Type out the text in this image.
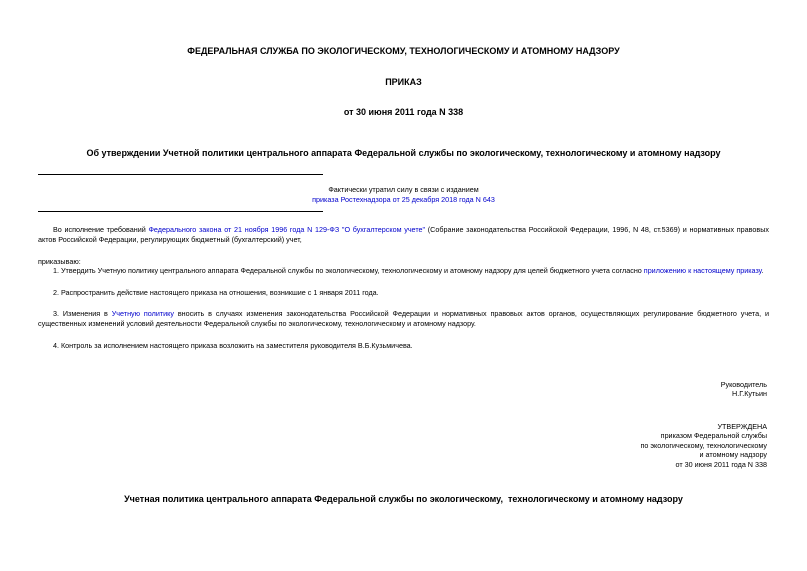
ФЕДЕРАЛЬНАЯ СЛУЖБА ПО ЭКОЛОГИЧЕСКОМУ, ТЕХНОЛОГИЧЕСКОМУ И АТОМНОМУ НАДЗОРУ
ПРИКАЗ
от 30 июня 2011 года N 338
Об утверждении Учетной политики центрального аппарата Федеральной службы по экологическому, технологическому и атомному надзору
Фактически утратил силу в связи с изданием
приказа Ростехнадзора от 25 декабря 2018 года N 643
Во исполнение требований Федерального закона от 21 ноября 1996 года N 129-ФЗ "О бухгалтерском учете" (Собрание законодательства Российской Федерации, 1996, N 48, ст.5369) и нормативных правовых актов Российской Федерации, регулирующих бюджетный (бухгалтерский) учет,
приказываю:
1. Утвердить Учетную политику центрального аппарата Федеральной службы по экологическому, технологическому и атомному надзору для целей бюджетного учета согласно приложению к настоящему приказу.
2. Распространить действие настоящего приказа на отношения, возникшие с 1 января 2011 года.
3. Изменения в Учетную политику вносить в случаях изменения законодательства Российской Федерации и нормативных правовых актов органов, осуществляющих регулирование бюджетного учета, и существенных изменений условий деятельности Федеральной службы по экологическому, технологическому и атомному надзору.
4. Контроль за исполнением настоящего приказа возложить на заместителя руководителя В.Б.Кузьмичева.
Руководитель
Н.Г.Кутьин
УТВЕРЖДЕНА
приказом Федеральной службы
по экологическому, технологическому
и атомному надзору
от 30 июня 2011 года N 338
Учетная политика центрального аппарата Федеральной службы по экологическому,  технологическому и атомному надзору
